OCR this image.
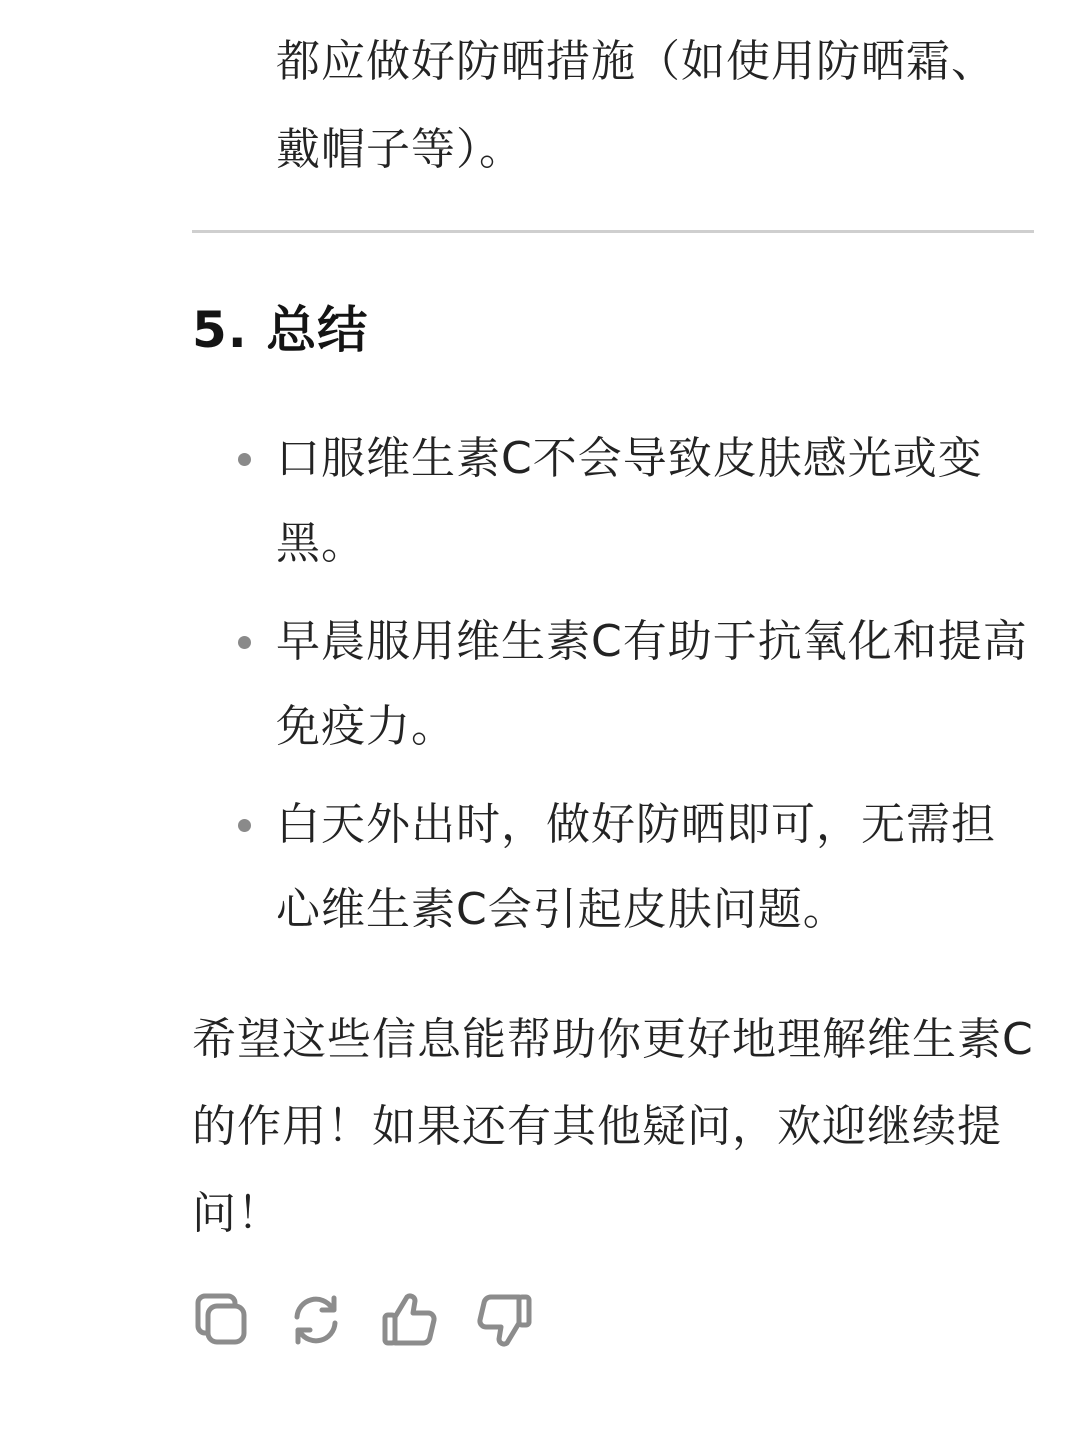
都应做好防晒措施（如使用防晒霜、戴帽子等）。
5. 总结
口服维生素C不会导致皮肤感光或变黑。
早晨服用维生素C有助于抗氧化和提高免疫力。
白天外出时，做好防晒即可，无需担心维生素C会引起皮肤问题。
希望这些信息能帮助你更好地理解维生素C的作用！如果还有其他疑问，欢迎继续提问！
